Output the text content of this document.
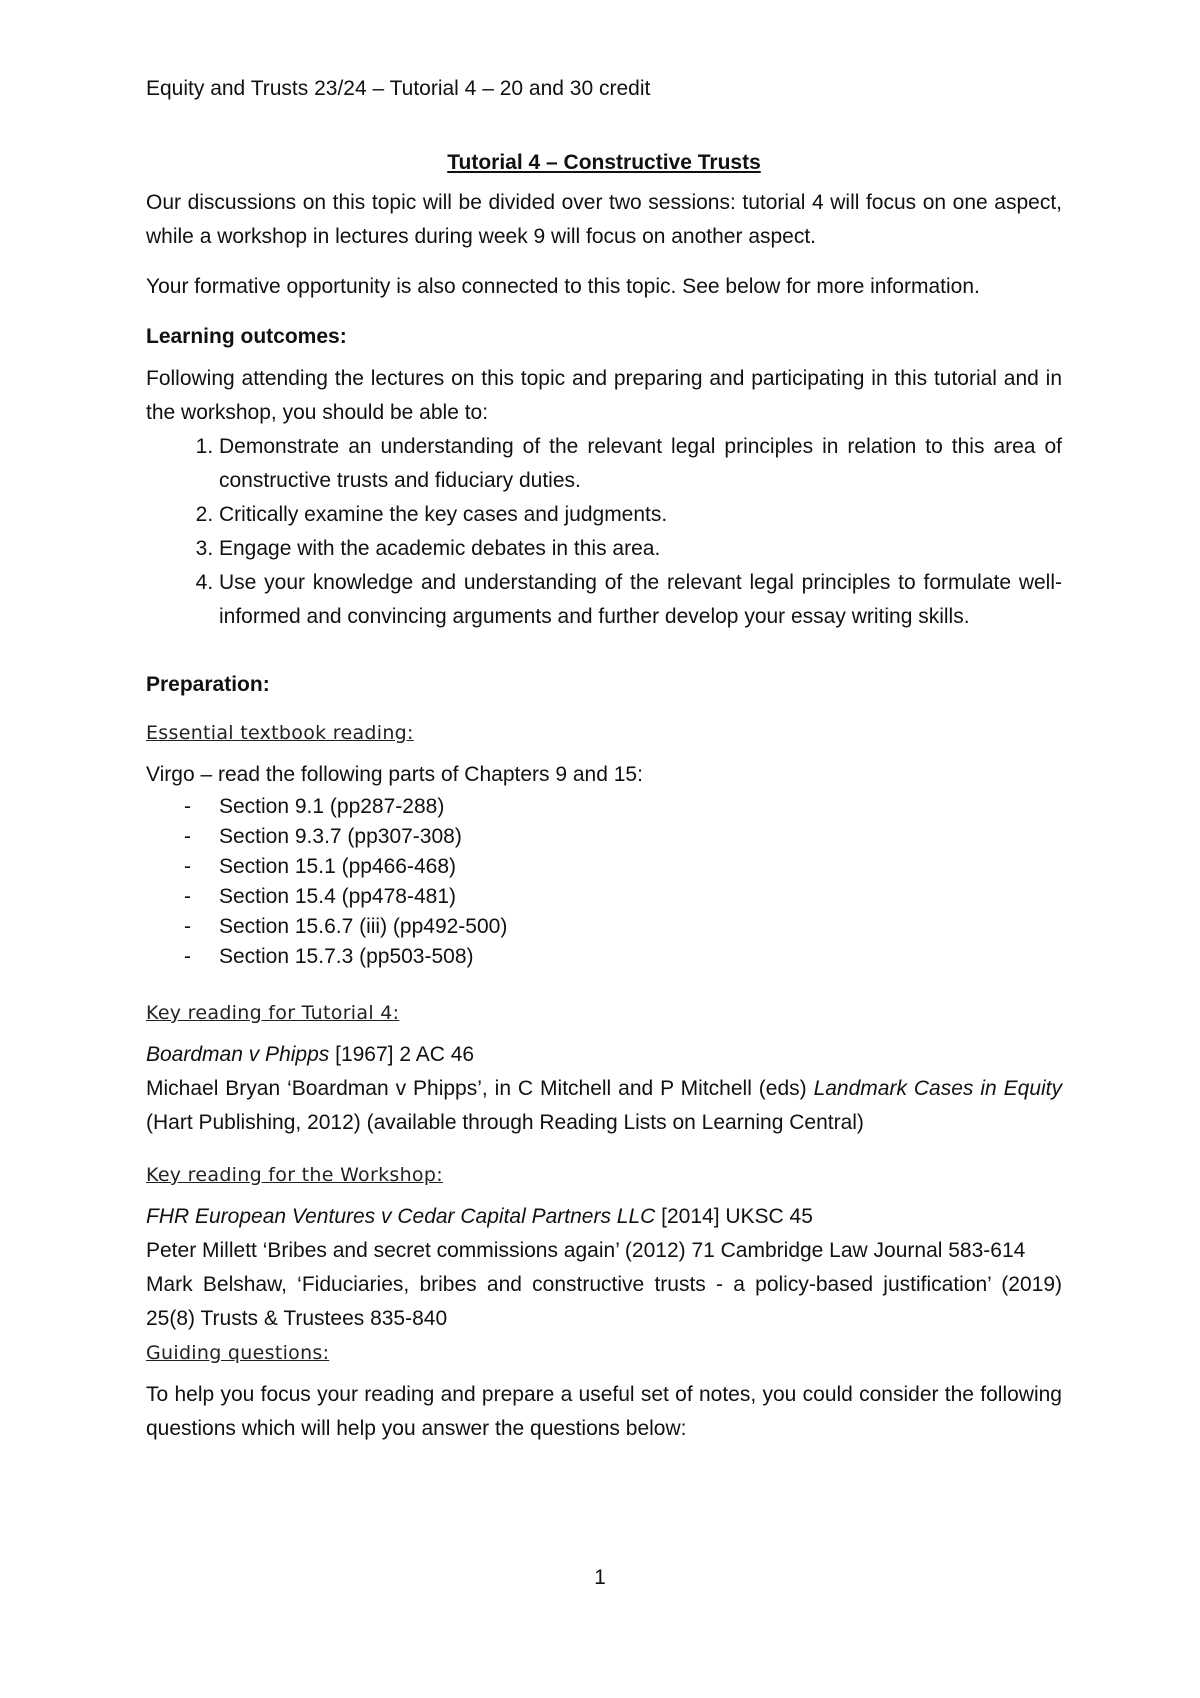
Equity and Trusts 23/24 – Tutorial 4 – 20 and 30 credit

Tutorial 4 – Constructive Trusts

Our discussions on this topic will be divided over two sessions: tutorial 4 will focus on one aspect, while a workshop in lectures during week 9 will focus on another aspect.

Your formative opportunity is also connected to this topic. See below for more information.

Learning outcomes:

Following attending the lectures on this topic and preparing and participating in this tutorial and in the workshop, you should be able to:

1. Demonstrate an understanding of the relevant legal principles in relation to this area of constructive trusts and fiduciary duties.
2. Critically examine the key cases and judgments.
3. Engage with the academic debates in this area.
4. Use your knowledge and understanding of the relevant legal principles to formulate well-informed and convincing arguments and further develop your essay writing skills.

Preparation:

Essential textbook reading:

Virgo – read the following parts of Chapters 9 and 15:

- Section 9.1 (pp287-288)
- Section 9.3.7 (pp307-308)
- Section 15.1 (pp466-468)
- Section 15.4 (pp478-481)
- Section 15.6.7 (iii) (pp492-500)
- Section 15.7.3 (pp503-508)

Key reading for Tutorial 4:

Boardman v Phipps [1967] 2 AC 46

Michael Bryan ‘Boardman v Phipps’, in C Mitchell and P Mitchell (eds) Landmark Cases in Equity (Hart Publishing, 2012) (available through Reading Lists on Learning Central)

Key reading for the Workshop:

FHR European Ventures v Cedar Capital Partners LLC [2014] UKSC 45

Peter Millett ‘Bribes and secret commissions again’ (2012) 71 Cambridge Law Journal 583-614

Mark Belshaw, ‘Fiduciaries, bribes and constructive trusts - a policy-based justification’ (2019) 25(8) Trusts & Trustees 835-840

Guiding questions:

To help you focus your reading and prepare a useful set of notes, you could consider the following questions which will help you answer the questions below:

1
